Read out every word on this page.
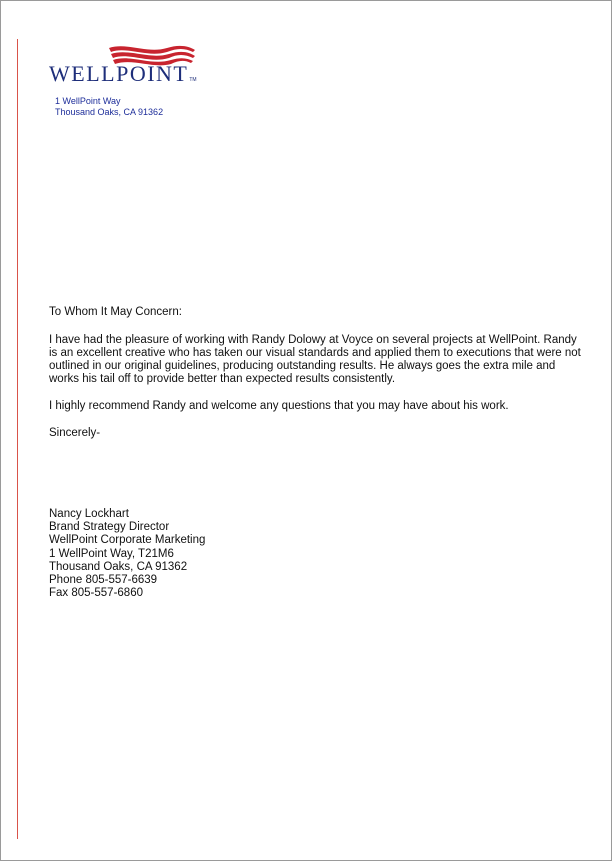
WELLPOINTTM
1 WellPoint Way
Thousand Oaks, CA 91362

To Whom It May Concern:

I have had the pleasure of working with Randy Dolowy at Voyce on several projects at WellPoint. Randy is an excellent creative who has taken our visual standards and applied them to executions that were not outlined in our original guidelines, producing outstanding results. He always goes the extra mile and works his tail off to provide better than expected results consistently.

I highly recommend Randy and welcome any questions that you may have about his work.

Sincerely-

Nancy Lockhart
Brand Strategy Director
WellPoint Corporate Marketing
1 WellPoint Way, T21M6
Thousand Oaks, CA 91362
Phone 805-557-6639
Fax 805-557-6860
